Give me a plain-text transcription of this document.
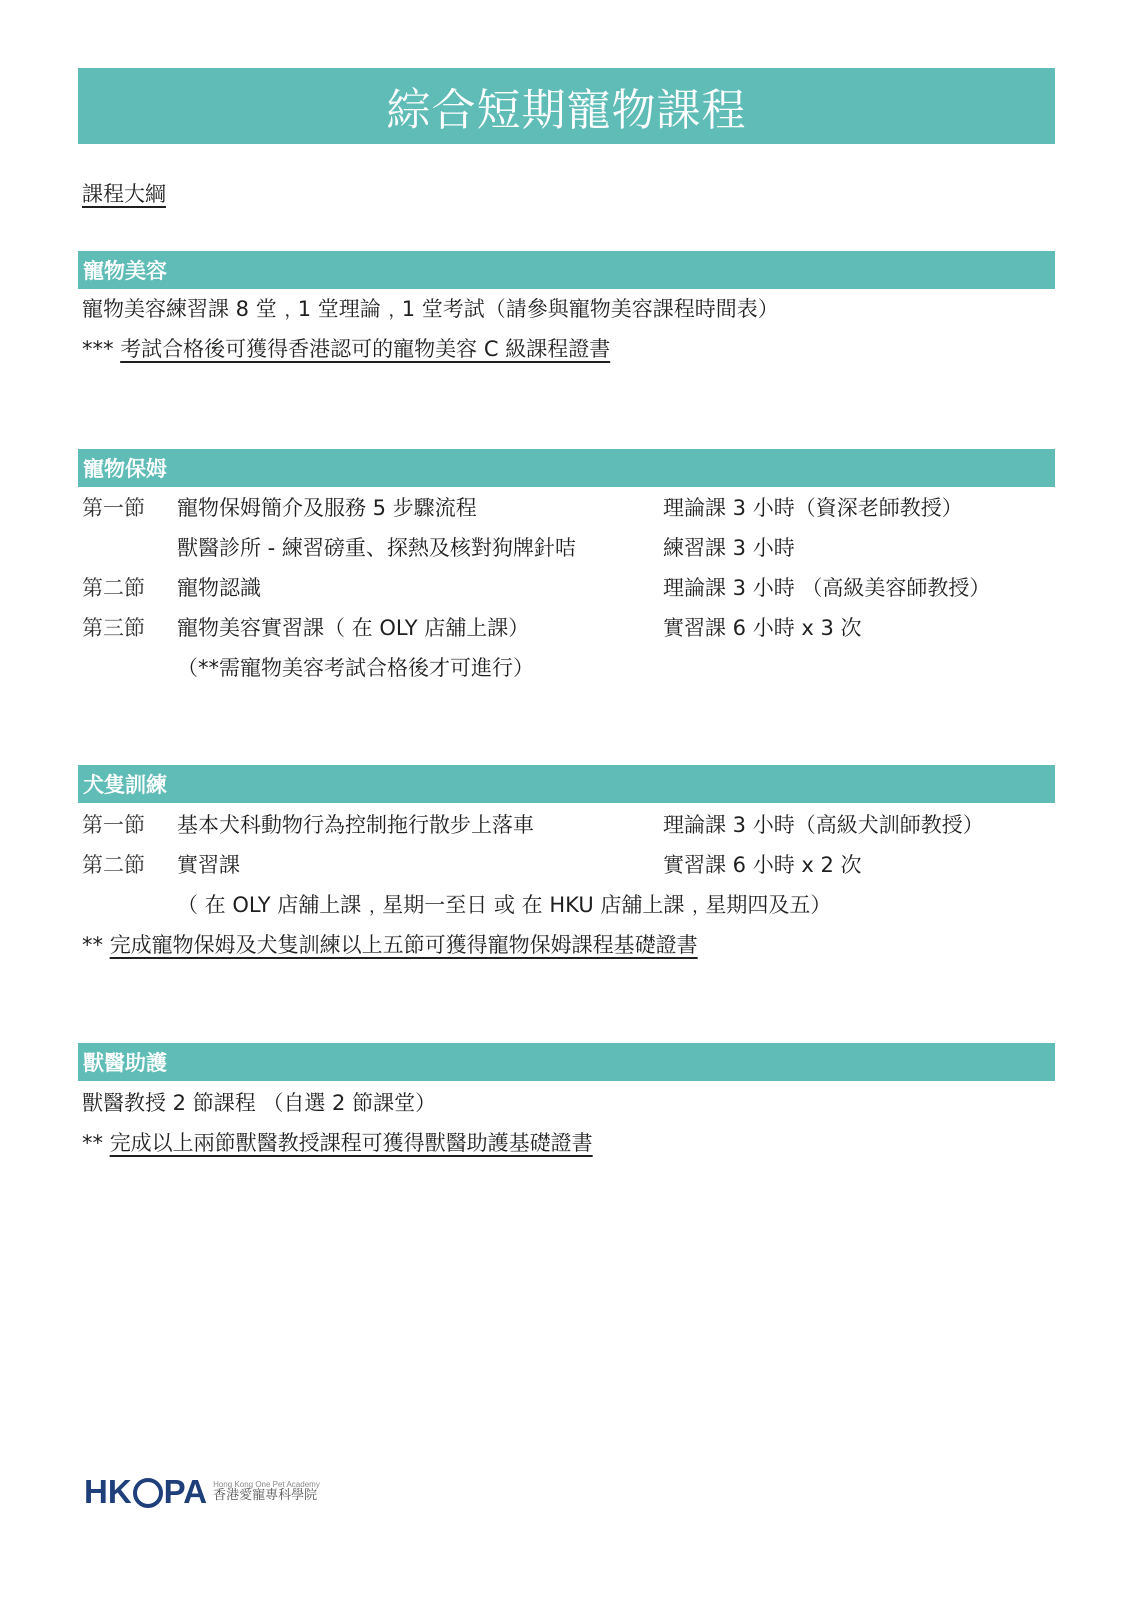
綜合短期寵物課程
課程大綱
寵物美容
寵物美容練習課 8 堂﹐1 堂理論﹐1 堂考試（請參與寵物美容課程時間表）
*** 考試合格後可獲得香港認可的寵物美容 C 級課程證書
寵物保姆
第一節 寵物保姆簡介及服務 5 步驟流程	理論課 3 小時（資深老師教授）
獸醫診所 - 練習磅重、探熱及核對狗牌針咭	練習課 3 小時
第二節 寵物認識	理論課 3 小時 （高級美容師教授）
第三節 寵物美容實習課（ 在 OLY 店舖上課）	實習課 6 小時 x 3 次
（**需寵物美容考試合格後才可進行）
犬隻訓練
第一節 基本犬科動物行為控制拖行散步上落車	理論課 3 小時（高級犬訓師教授）
第二節 實習課	實習課 6 小時 x 2 次
（ 在 OLY 店舖上課﹐星期一至日 或 在 HKU 店舖上課﹐星期四及五）
** 完成寵物保姆及犬隻訓練以上五節可獲得寵物保姆課程基礎證書
獸醫助護
獸醫教授 2 節課程 （自選 2 節課堂）
** 完成以上兩節獸醫教授課程可獲得獸醫助護基礎證書
HK PA Hong Kong One Pet Academy
香港愛寵專科學院
